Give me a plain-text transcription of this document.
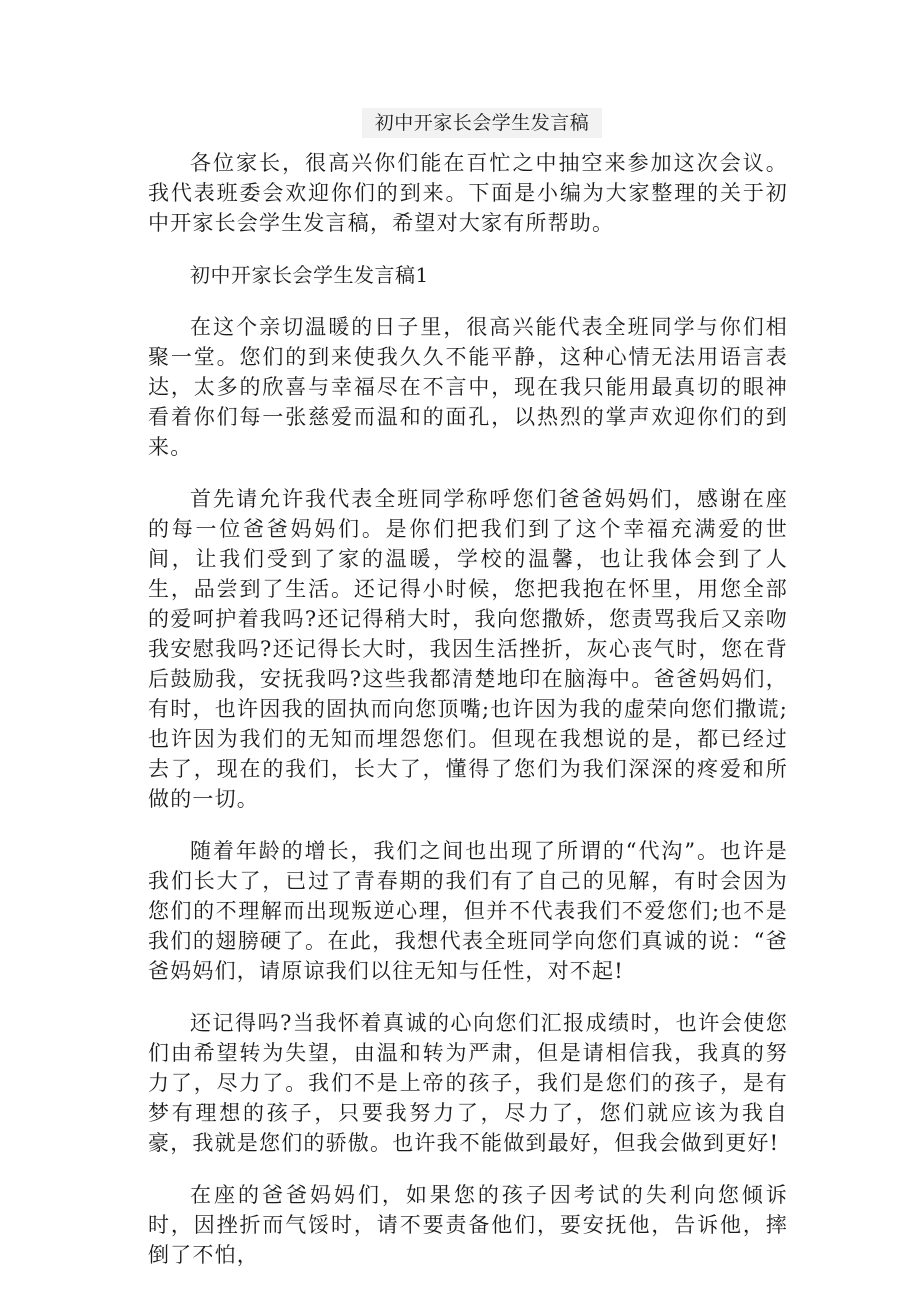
初中开家长会学生发言稿

各位家长，很高兴你们能在百忙之中抽空来参加这次会议。我代表班委会欢迎你们的到来。下面是小编为大家整理的关于初中开家长会学生发言稿，希望对大家有所帮助。

初中开家长会学生发言稿1

在这个亲切温暖的日子里，很高兴能代表全班同学与你们相聚一堂。您们的到来使我久久不能平静，这种心情无法用语言表达，太多的欣喜与幸福尽在不言中，现在我只能用最真切的眼神看着你们每一张慈爱而温和的面孔，以热烈的掌声欢迎你们的到来。

首先请允许我代表全班同学称呼您们爸爸妈妈们，感谢在座的每一位爸爸妈妈们。是你们把我们到了这个幸福充满爱的世间，让我们受到了家的温暖，学校的温馨，也让我体会到了人生，品尝到了生活。还记得小时候，您把我抱在怀里，用您全部的爱呵护着我吗?还记得稍大时，我向您撒娇，您责骂我后又亲吻我安慰我吗?还记得长大时，我因生活挫折，灰心丧气时，您在背后鼓励我，安抚我吗?这些我都清楚地印在脑海中。爸爸妈妈们，有时，也许因我的固执而向您顶嘴;也许因为我的虚荣向您们撒谎;也许因为我们的无知而埋怨您们。但现在我想说的是，都已经过去了，现在的我们，长大了，懂得了您们为我们深深的疼爱和所做的一切。

随着年龄的增长，我们之间也出现了所谓的“代沟”。也许是我们长大了，已过了青春期的我们有了自己的见解，有时会因为您们的不理解而出现叛逆心理，但并不代表我们不爱您们;也不是我们的翅膀硬了。在此，我想代表全班同学向您们真诚的说：“爸爸妈妈们，请原谅我们以往无知与任性，对不起!

还记得吗?当我怀着真诚的心向您们汇报成绩时，也许会使您们由希望转为失望，由温和转为严肃，但是请相信我，我真的努力了，尽力了。我们不是上帝的孩子，我们是您们的孩子，是有梦有理想的孩子，只要我努力了，尽力了，您们就应该为我自豪，我就是您们的骄傲。也许我不能做到最好，但我会做到更好!

在座的爸爸妈妈们，如果您的孩子因考试的失利向您倾诉时，因挫折而气馁时，请不要责备他们，要安抚他，告诉他，摔倒了不怕，
